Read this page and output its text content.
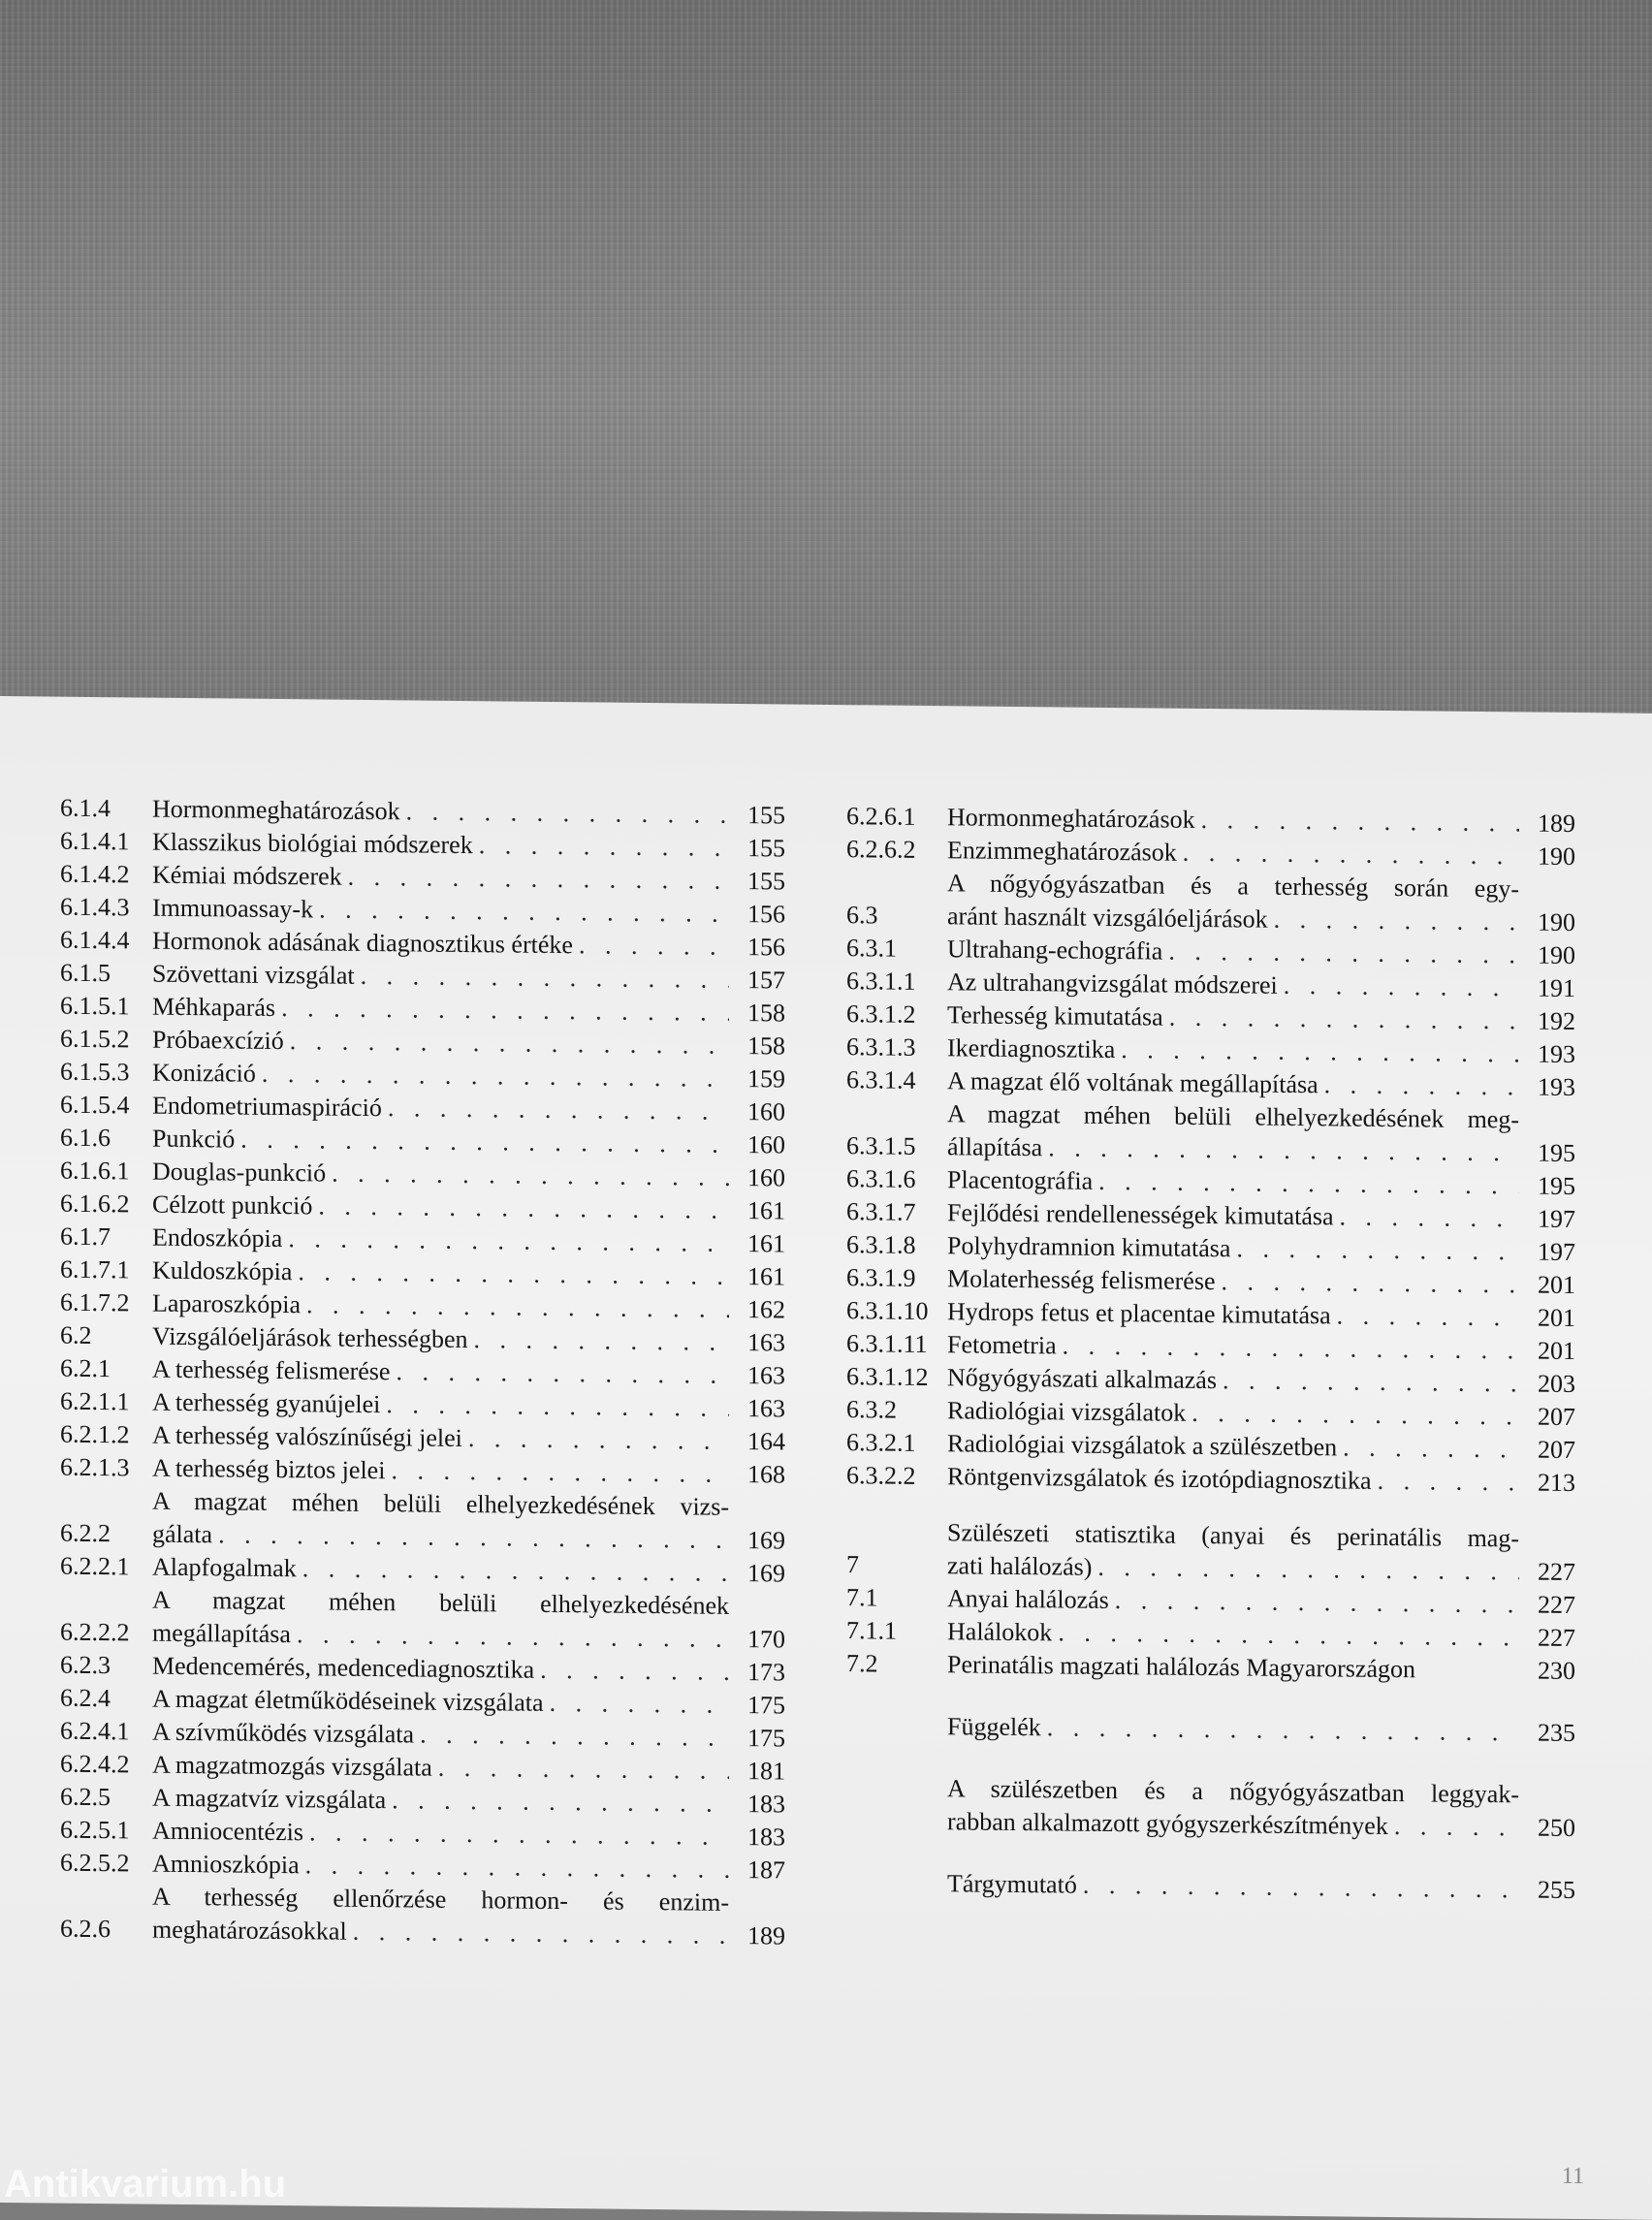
6.1.4	Hormonmeghatározások . . .	155
6.1.4.1 Klasszikus biológiai módszerek . . .	155
6.1.4.2 Kémiai módszerek . . .	155
6.1.4.3 Immunoassay-k . . .	156
6.1.4.4 Hormonok adásának diagnosztikus értéke . . .	156
6.1.5	Szövettani vizsgálat . . .	157
6.1.5.1 Méhkaparás . . .	158
6.1.5.2 Próbaexcízió . . .	158
6.1.5.3 Konizáció . . .	159
6.1.5.4 Endometriumaspiráció . . .	160
6.1.6	Punkció . . .	160
6.1.6.1 Douglas-punkció . . .	160
6.1.6.2 Célzott punkció . . .	161
6.1.7	Endoszkópia . . .	161
6.1.7.1 Kuldoszkópia . . .	161
6.1.7.2 Laparoszkópia . . .	162
6.2	Vizsgálóeljárások terhességben . . .	163
6.2.1	A terhesség felismerése . . .	163
6.2.1.1 A terhesség gyanújelei . . .	163
6.2.1.2 A terhesség valószínűségi jelei . . .	164
6.2.1.3 A terhesség biztos jelei . . .	168
6.2.2
A magzat méhen belüli elhelyezkedésének vizs-
gálata . . .	169
6.2.2.1 Alapfogalmak . . .	169
6.2.2.2
A magzat méhen belüli elhelyezkedésének
megállapítása . . .	170
6.2.3	Medencemérés, medencediagnosztika . . .	173
6.2.4	A magzat életműködéseinek vizsgálata . . .	175
6.2.4.1 A szívműködés vizsgálata . . .	175
6.2.4.2 A magzatmozgás vizsgálata . . .	181
6.2.5	A magzatvíz vizsgálata . . .	183
6.2.5.1 Amniocentézis . . .	183
6.2.5.2 Amnioszkópia . . .	187
6.2.6
A terhesség ellenőrzése hormon- és enzim-
meghatározásokkal . . .	189
6.2.6.1	Hormonmeghatározások . . .	189
6.2.6.2	Enzimmeghatározások . . .	190
6.3
A nőgyógyászatban és a terhesség során egy-
aránt használt vizsgálóeljárások . . .	190
6.3.1	Ultrahang-echográfia . . .	190
6.3.1.1	Az ultrahangvizsgálat módszerei . . .	191
6.3.1.2	Terhesség kimutatása . . .	192
6.3.1.3	Ikerdiagnosztika . . .	193
6.3.1.4	A magzat élő voltának megállapítása . . .	193
6.3.1.5
A magzat méhen belüli elhelyezkedésének meg-
állapítása . . .	195
6.3.1.6	Placentográfia . . .	195
6.3.1.7	Fejlődési rendellenességek kimutatása . . .	197
6.3.1.8	Polyhydramnion kimutatása . . .	197
6.3.1.9	Molaterhesség felismerése . . .	201
6.3.1.10 Hydrops fetus et placentae kimutatása . . .	201
6.3.1.11 Fetometria . . .	201
6.3.1.12 Nőgyógyászati alkalmazás . . .	203
6.3.2	Radiológiai vizsgálatok . . .	207
6.3.2.1	Radiológiai vizsgálatok a szülészetben . . .	207
6.3.2.2	Röntgenvizsgálatok és izotópdiagnosztika . . .	213
7
Szülészeti statisztika (anyai és perinatális mag-
zati halálozás) . . .	227
7.1	Anyai halálozás . . .	227
7.1.1	Halálokok . . .	227
7.2	Perinatális magzati halálozás Magyarországon	230
Függelék . . .	235
A szülészetben és a nőgyógyászatban leggyak-
rabban alkalmazott gyógyszerkészítmények . . .	250
Tárgymutató . . .	255
11
Antikvarium.hu
